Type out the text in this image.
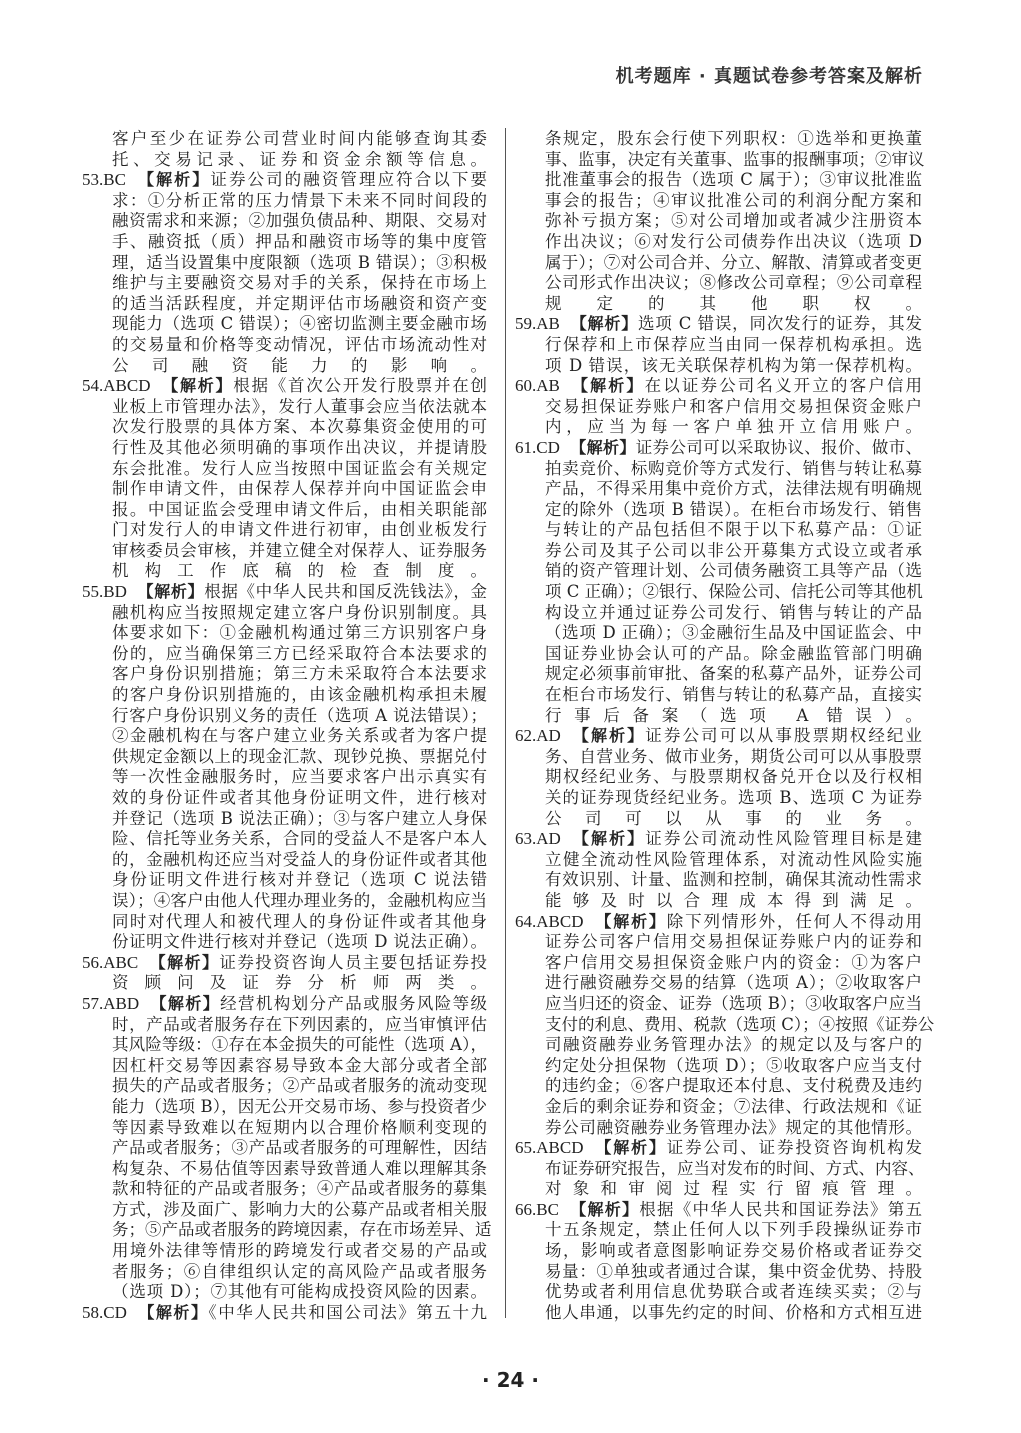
机考题库 · 真题试卷参考答案及解析
客户至少在证券公司营业时间内能够查询其委
托、交易记录、证券和资金余额等信息。
53.BC 【解析】证券公司的融资管理应符合以下要
求：①分析正常的压力情景下未来不同时间段的
融资需求和来源；②加强负债品种、期限、交易对
手、融资抵（质）押品和融资市场等的集中度管
理，适当设置集中度限额（选项 B 错误）；③积极
维护与主要融资交易对手的关系，保持在市场上
的适当活跃程度，并定期评估市场融资和资产变
现能力（选项 C 错误）；④密切监测主要金融市场
的交易量和价格等变动情况，评估市场流动性对
公司融资能力的影响。
54.ABCD 【解析】根据《首次公开发行股票并在创
业板上市管理办法》，发行人董事会应当依法就本
次发行股票的具体方案、本次募集资金使用的可
行性及其他必须明确的事项作出决议，并提请股
东会批准。发行人应当按照中国证监会有关规定
制作申请文件，由保荐人保荐并向中国证监会申
报。中国证监会受理申请文件后，由相关职能部
门对发行人的申请文件进行初审，由创业板发行
审核委员会审核，并建立健全对保荐人、证券服务
机构工作底稿的检查制度。
55.BD 【解析】根据《中华人民共和国反洗钱法》，金
融机构应当按照规定建立客户身份识别制度。具
体要求如下：①金融机构通过第三方识别客户身
份的，应当确保第三方已经采取符合本法要求的
客户身份识别措施；第三方未采取符合本法要求
的客户身份识别措施的，由该金融机构承担未履
行客户身份识别义务的责任（选项 A 说法错误）；
②金融机构在与客户建立业务关系或者为客户提
供规定金额以上的现金汇款、现钞兑换、票据兑付
等一次性金融服务时，应当要求客户出示真实有
效的身份证件或者其他身份证明文件，进行核对
并登记（选项 B 说法正确）；③与客户建立人身保
险、信托等业务关系，合同的受益人不是客户本人
的，金融机构还应当对受益人的身份证件或者其他
身份证明文件进行核对并登记（选项 C 说法错
误）；④客户由他人代理办理业务的，金融机构应当
同时对代理人和被代理人的身份证件或者其他身
份证明文件进行核对并登记（选项 D 说法正确）。
56.ABC 【解析】证券投资咨询人员主要包括证券投
资顾问及证券分析师两类。
57.ABD 【解析】经营机构划分产品或服务风险等级
时，产品或者服务存在下列因素的，应当审慎评估
其风险等级：①存在本金损失的可能性（选项 A），
因杠杆交易等因素容易导致本金大部分或者全部
损失的产品或者服务；②产品或者服务的流动变现
能力（选项 B），因无公开交易市场、参与投资者少
等因素导致难以在短期内以合理价格顺利变现的
产品或者服务；③产品或者服务的可理解性，因结
构复杂、不易估值等因素导致普通人难以理解其条
款和特征的产品或者服务；④产品或者服务的募集
方式，涉及面广、影响力大的公募产品或者相关服
务；⑤产品或者服务的跨境因素，存在市场差异、适
用境外法律等情形的跨境发行或者交易的产品或
者服务；⑥自律组织认定的高风险产品或者服务
（选项 D）；⑦其他有可能构成投资风险的因素。
58.CD 【解析】《中华人民共和国公司法》第五十九
条规定，股东会行使下列职权：①选举和更换董
事、监事，决定有关董事、监事的报酬事项；②审议
批准董事会的报告（选项 C 属于）；③审议批准监
事会的报告；④审议批准公司的利润分配方案和
弥补亏损方案；⑤对公司增加或者减少注册资本
作出决议；⑥对发行公司债券作出决议（选项 D
属于）；⑦对公司合并、分立、解散、清算或者变更
公司形式作出决议；⑧修改公司章程；⑨公司章程
规定的其他职权。
59.AB 【解析】选项 C 错误，同次发行的证券，其发
行保荐和上市保荐应当由同一保荐机构承担。选
项 D 错误，该无关联保荐机构为第一保荐机构。
60.AB 【解析】在以证券公司名义开立的客户信用
交易担保证券账户和客户信用交易担保资金账户
内，应当为每一客户单独开立信用账户。
61.CD 【解析】证券公司可以采取协议、报价、做市、
拍卖竞价、标购竞价等方式发行、销售与转让私募
产品，不得采用集中竞价方式，法律法规有明确规
定的除外（选项 B 错误）。在柜台市场发行、销售
与转让的产品包括但不限于以下私募产品：①证
券公司及其子公司以非公开募集方式设立或者承
销的资产管理计划、公司债务融资工具等产品（选
项 C 正确）；②银行、保险公司、信托公司等其他机
构设立并通过证券公司发行、销售与转让的产品
（选项 D 正确）；③金融衍生品及中国证监会、中
国证券业协会认可的产品。除金融监管部门明确
规定必须事前审批、备案的私募产品外，证券公司
在柜台市场发行、销售与转让的私募产品，直接实
行事后备案（选项 A 错误）。
62.AD 【解析】证券公司可以从事股票期权经纪业
务、自营业务、做市业务，期货公司可以从事股票
期权经纪业务、与股票期权备兑开仓以及行权相
关的证券现货经纪业务。选项 B、选项 C 为证券
公司可以从事的业务。
63.AD 【解析】证券公司流动性风险管理目标是建
立健全流动性风险管理体系，对流动性风险实施
有效识别、计量、监测和控制，确保其流动性需求
能够及时以合理成本得到满足。
64.ABCD 【解析】除下列情形外，任何人不得动用
证券公司客户信用交易担保证券账户内的证券和
客户信用交易担保资金账户内的资金：①为客户
进行融资融券交易的结算（选项 A）；②收取客户
应当归还的资金、证券（选项 B）；③收取客户应当
支付的利息、费用、税款（选项 C）；④按照《证券公
司融资融券业务管理办法》的规定以及与客户的
约定处分担保物（选项 D）；⑤收取客户应当支付
的违约金；⑥客户提取还本付息、支付税费及违约
金后的剩余证券和资金；⑦法律、行政法规和《证
券公司融资融券业务管理办法》规定的其他情形。
65.ABCD 【解析】证券公司、证券投资咨询机构发
布证券研究报告，应当对发布的时间、方式、内容、
对象和审阅过程实行留痕管理。
66.BC 【解析】根据《中华人民共和国证券法》第五
十五条规定，禁止任何人以下列手段操纵证券市
场，影响或者意图影响证券交易价格或者证券交
易量：①单独或者通过合谋，集中资金优势、持股
优势或者利用信息优势联合或者连续买卖；②与
他人串通，以事先约定的时间、价格和方式相互进
· 24 ·
